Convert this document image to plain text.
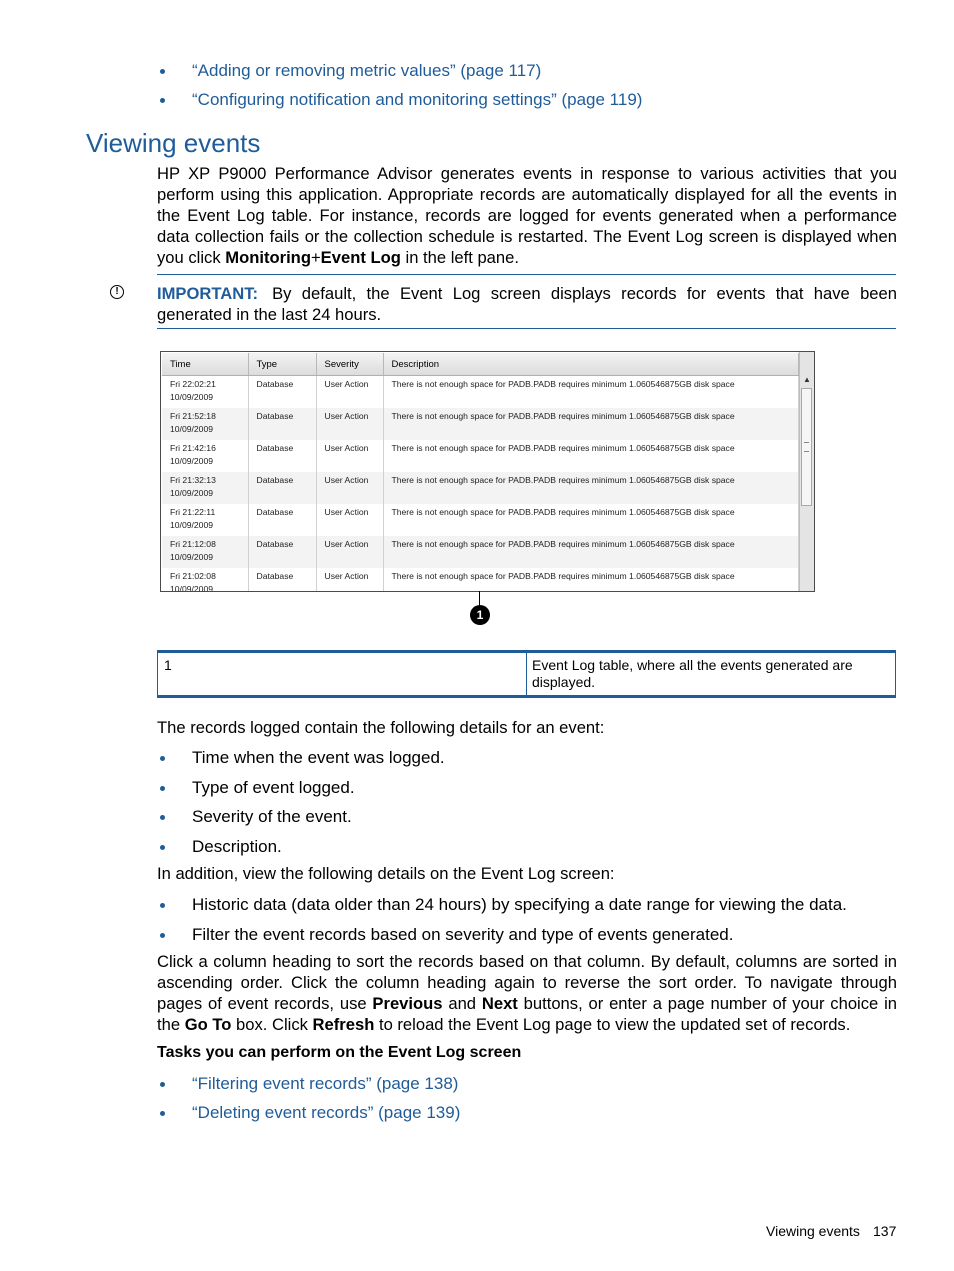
“Adding or removing metric values” (page 117)
“Configuring notification and monitoring settings” (page 119)
Viewing events

HP XP P9000 Performance Advisor generates events in response to various activities that you perform using this application. Appropriate records are automatically displayed for all the events in the Event Log table. For instance, records are logged for events generated when a performance data collection fails or the collection schedule is restarted. The Event Log screen is displayed when you click Monitoring+Event Log in the left pane.

!	IMPORTANT: By default, the Event Log screen displays records for events that have been generated in the last 24 hours.

Time	Type	Severity	Description
Fri 22:02:21
10/09/2009	Database	User Action	There is not enough space for PADB.PADB requires minimum 1.060546875GB disk space
Fri 21:52:18
10/09/2009	Database	User Action	There is not enough space for PADB.PADB requires minimum 1.060546875GB disk space
Fri 21:42:16
10/09/2009	Database	User Action	There is not enough space for PADB.PADB requires minimum 1.060546875GB disk space
Fri 21:32:13
10/09/2009	Database	User Action	There is not enough space for PADB.PADB requires minimum 1.060546875GB disk space
Fri 21:22:11
10/09/2009	Database	User Action	There is not enough space for PADB.PADB requires minimum 1.060546875GB disk space
Fri 21:12:08
10/09/2009	Database	User Action	There is not enough space for PADB.PADB requires minimum 1.060546875GB disk space
Fri 21:02:08
10/09/2009	Database	User Action	There is not enough space for PADB.PADB requires minimum 1.060546875GB disk space
▲
1
1	Event Log table, where all the events generated are displayed.

The records logged contain the following details for an event:

Time when the event was logged.
Type of event logged.
Severity of the event.
Description.

In addition, view the following details on the Event Log screen:

Historic data (data older than 24 hours) by specifying a date range for viewing the data.
Filter the event records based on severity and type of events generated.

Click a column heading to sort the records based on that column. By default, columns are sorted in ascending order. Click the column heading again to reverse the sort order. To navigate through pages of event records, use Previous and Next buttons, or enter a page number of your choice in the Go To box. Click Refresh to reload the Event Log page to view the updated set of records.

Tasks you can perform on the Event Log screen

“Filtering event records” (page 138)
“Deleting event records” (page 139)
Viewing events 137
